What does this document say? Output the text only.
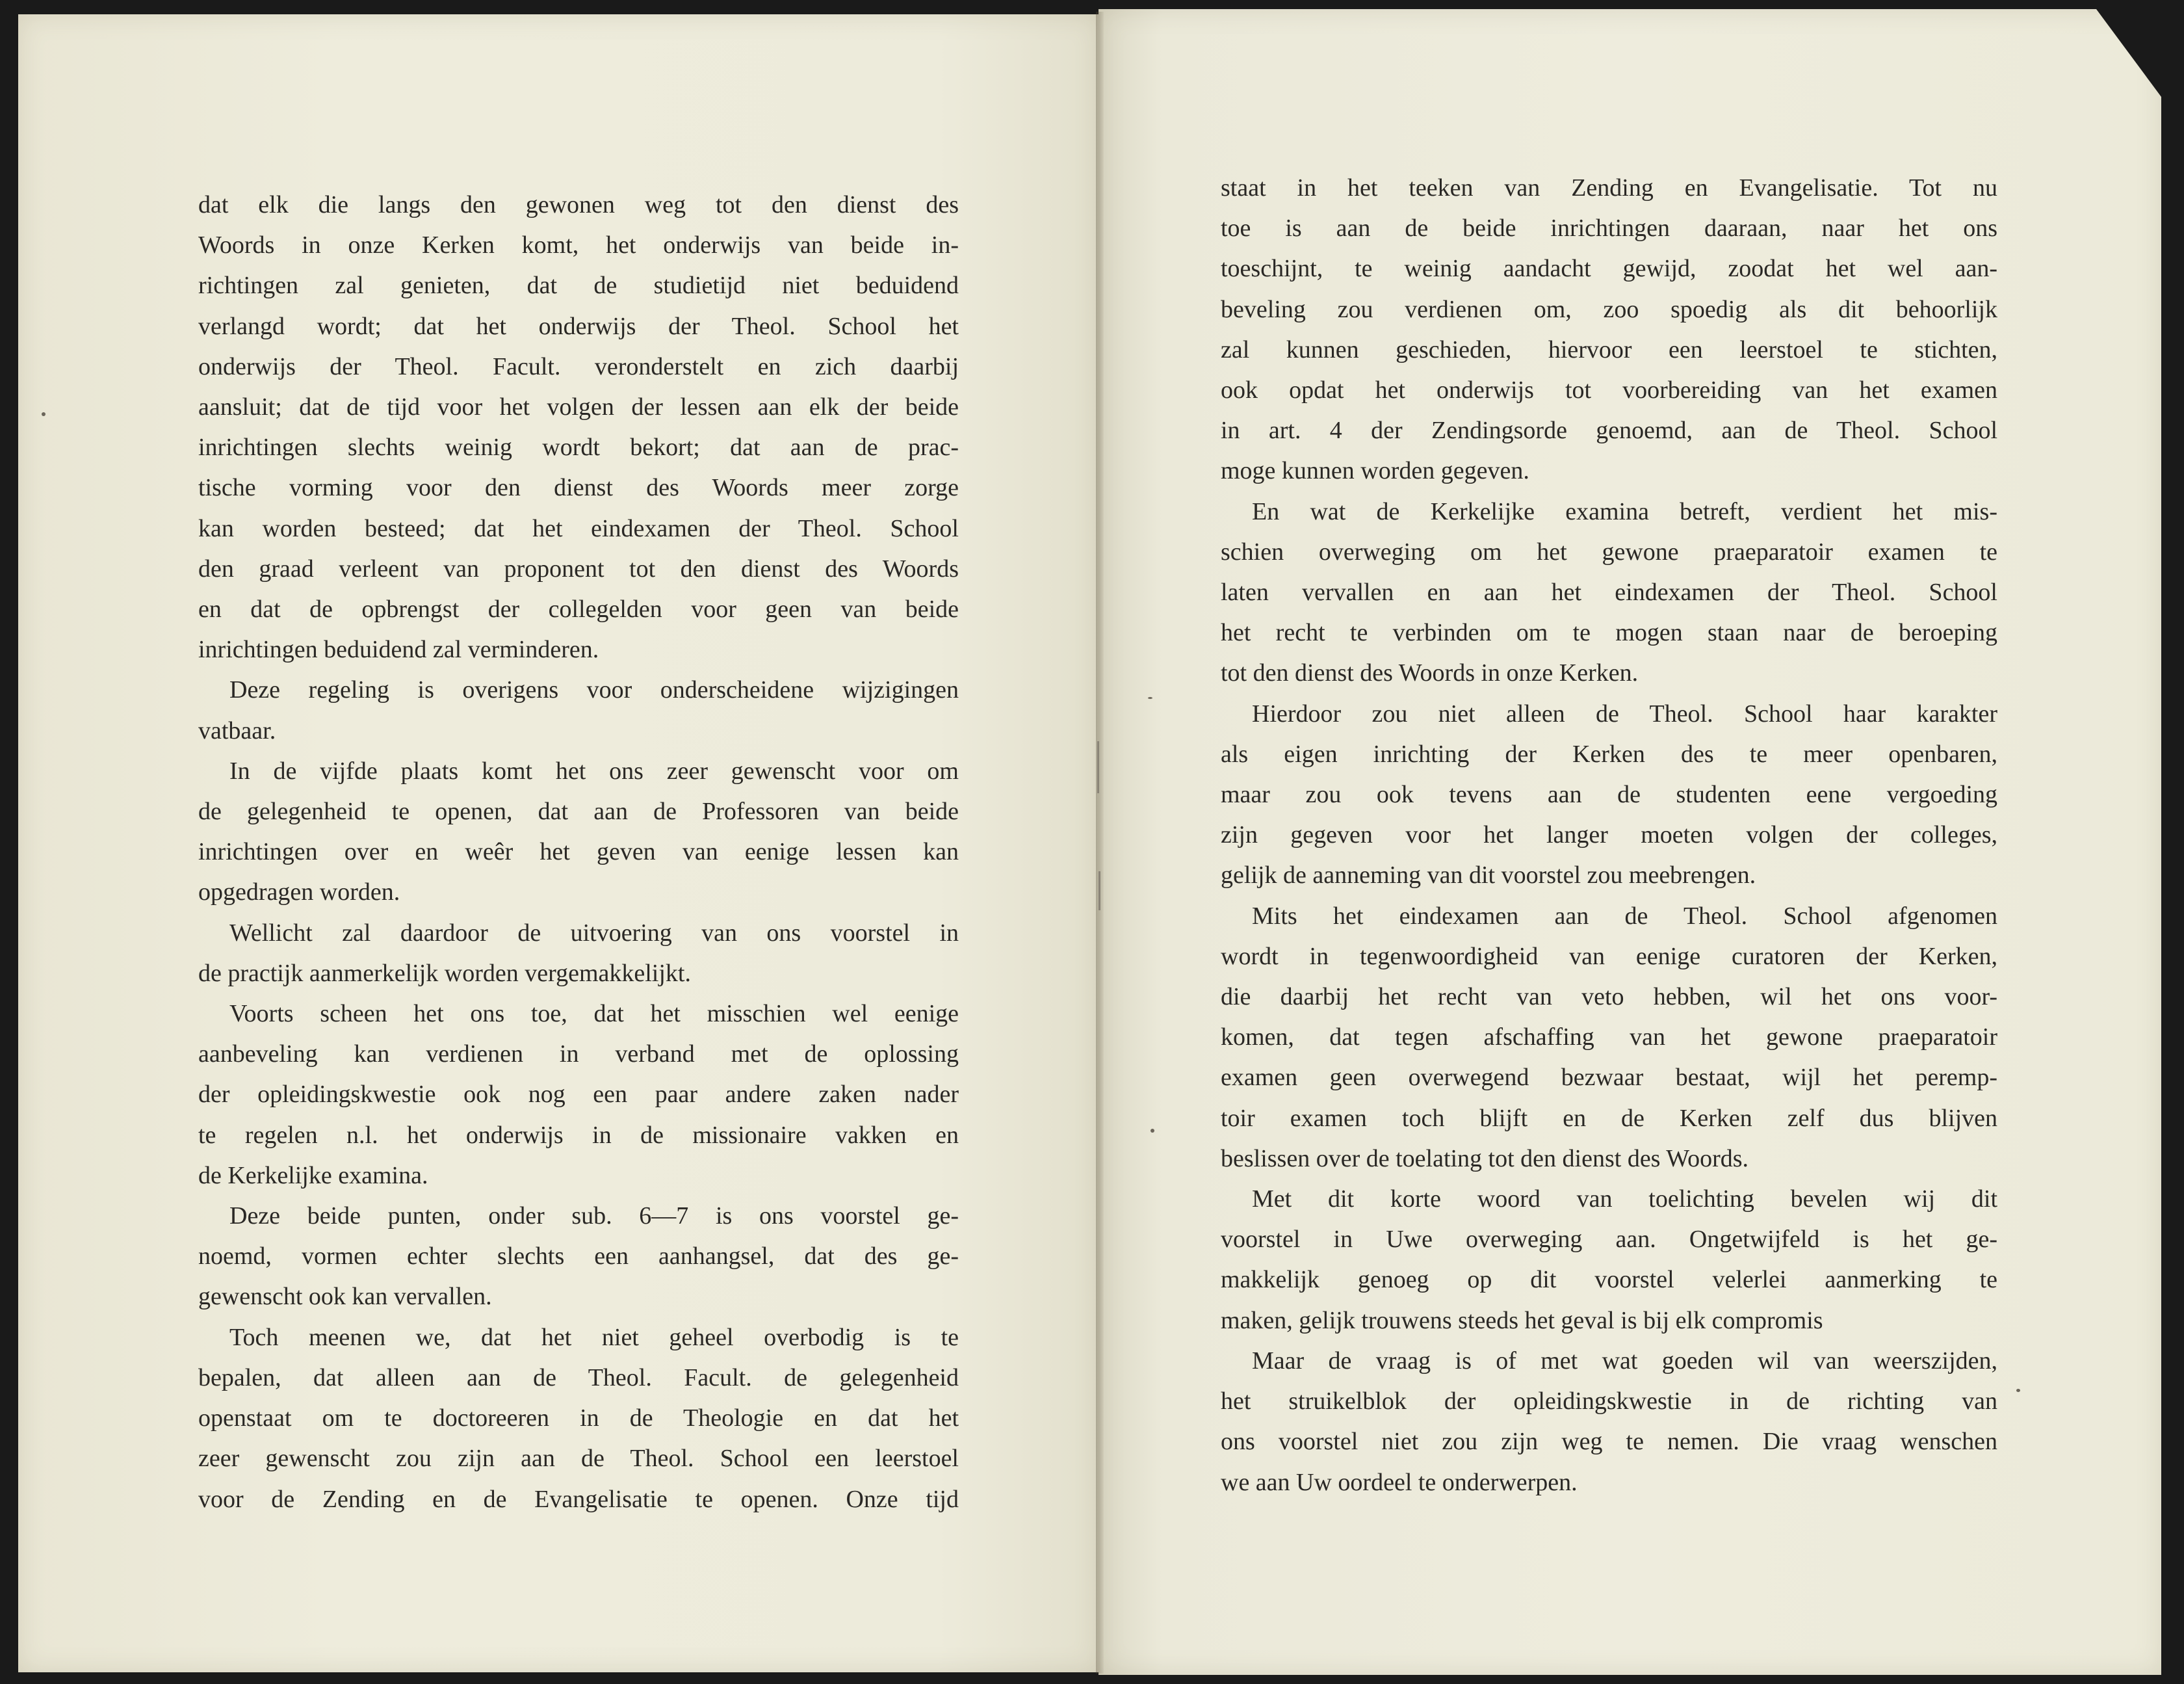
dat elk die langs den gewonen weg tot den dienst des
Woords in onze Kerken komt, het onderwijs van beide in-
richtingen zal genieten, dat de studietijd niet beduidend
verlangd wordt; dat het onderwijs der Theol. School het
onderwijs der Theol. Facult. veronderstelt en zich daarbij
aansluit; dat de tijd voor het volgen der lessen aan elk der beide
inrichtingen slechts weinig wordt bekort; dat aan de prac-
tische vorming voor den dienst des Woords meer zorge
kan worden besteed; dat het eindexamen der Theol. School
den graad verleent van proponent tot den dienst des Woords
en dat de opbrengst der collegelden voor geen van beide
inrichtingen beduidend zal verminderen.
Deze regeling is overigens voor onderscheidene wijzigingen
vatbaar.
In de vijfde plaats komt het ons zeer gewenscht voor om
de gelegenheid te openen, dat aan de Professoren van beide
inrichtingen over en weêr het geven van eenige lessen kan
opgedragen worden.
Wellicht zal daardoor de uitvoering van ons voorstel in
de practijk aanmerkelijk worden vergemakkelijkt.
Voorts scheen het ons toe, dat het misschien wel eenige
aanbeveling kan verdienen in verband met de oplossing
der opleidingskwestie ook nog een paar andere zaken nader
te regelen n.l. het onderwijs in de missionaire vakken en
de Kerkelijke examina.
Deze beide punten, onder sub. 6—7 is ons voorstel ge-
noemd, vormen echter slechts een aanhangsel, dat des ge-
gewenscht ook kan vervallen.
Toch meenen we, dat het niet geheel overbodig is te
bepalen, dat alleen aan de Theol. Facult. de gelegenheid
openstaat om te doctoreeren in de Theologie en dat het
zeer gewenscht zou zijn aan de Theol. School een leerstoel
voor de Zending en de Evangelisatie te openen. Onze tijd
staat in het teeken van Zending en Evangelisatie. Tot nu
toe is aan de beide inrichtingen daaraan, naar het ons
toeschijnt, te weinig aandacht gewijd, zoodat het wel aan-
beveling zou verdienen om, zoo spoedig als dit behoorlijk
zal kunnen geschieden, hiervoor een leerstoel te stichten,
ook opdat het onderwijs tot voorbereiding van het examen
in art. 4 der Zendingsorde genoemd, aan de Theol. School
moge kunnen worden gegeven.
En wat de Kerkelijke examina betreft, verdient het mis-
schien overweging om het gewone praeparatoir examen te
laten vervallen en aan het eindexamen der Theol. School
het recht te verbinden om te mogen staan naar de beroeping
tot den dienst des Woords in onze Kerken.
Hierdoor zou niet alleen de Theol. School haar karakter
als eigen inrichting der Kerken des te meer openbaren,
maar zou ook tevens aan de studenten eene vergoeding
zijn gegeven voor het langer moeten volgen der colleges,
gelijk de aanneming van dit voorstel zou meebrengen.
Mits het eindexamen aan de Theol. School afgenomen
wordt in tegenwoordigheid van eenige curatoren der Kerken,
die daarbij het recht van veto hebben, wil het ons voor-
komen, dat tegen afschaffing van het gewone praeparatoir
examen geen overwegend bezwaar bestaat, wijl het peremp-
toir examen toch blijft en de Kerken zelf dus blijven
beslissen over de toelating tot den dienst des Woords.
Met dit korte woord van toelichting bevelen wij dit
voorstel in Uwe overweging aan. Ongetwijfeld is het ge-
makkelijk genoeg op dit voorstel velerlei aanmerking te
maken, gelijk trouwens steeds het geval is bij elk compromis
Maar de vraag is of met wat goeden wil van weerszijden,
het struikelblok der opleidingskwestie in de richting van
ons voorstel niet zou zijn weg te nemen. Die vraag wenschen
we aan Uw oordeel te onderwerpen.
